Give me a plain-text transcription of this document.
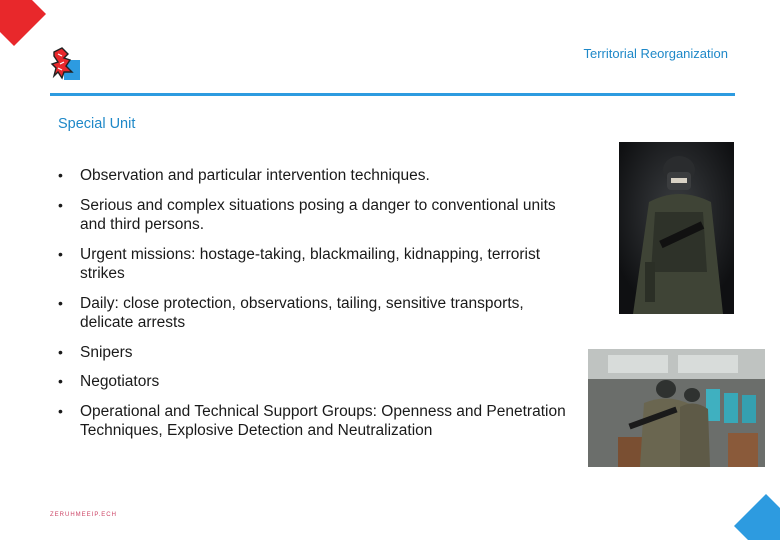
Territorial Reorganization
Special Unit
• Observation and particular intervention techniques.
• Serious and complex situations posing a danger to conventional units and third persons.
• Urgent missions: hostage-taking, blackmailing, kidnapping, terrorist strikes
• Daily: close protection, observations, tailing, sensitive transports, delicate arrests
• Snipers
• Negotiators
• Operational and Technical Support Groups: Openness and Penetration Techniques, Explosive Detection and Neutralization
ZERUHMEEIP.ECH
